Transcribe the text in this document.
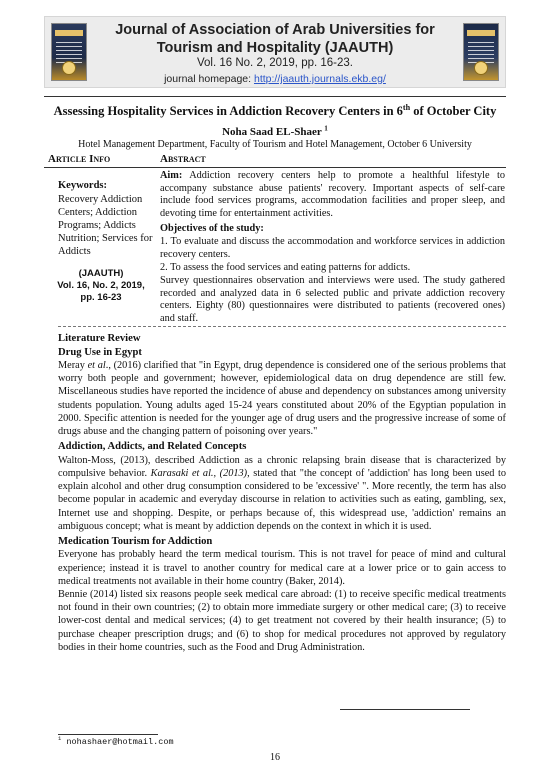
Journal of Association of Arab Universities for Tourism and Hospitality (JAAUTH)
Vol. 16 No. 2, 2019, pp. 16-23.
journal homepage: http://jaauth.journals.ekb.eg/
Assessing Hospitality Services in Addiction Recovery Centers in 6th of October City
Noha Saad EL-Shaer $^1$
Hotel Management Department, Faculty of Tourism and Hotel Management, October 6 University
Article Info	Abstract
Keywords:
Recovery Addiction Centers; Addiction Programs; Addicts Nutrition; Services for Addicts
(JAAUTH)
Vol. 16, No. 2, 2019,
pp. 16-23
Aim: Addiction recovery centers help to promote a healthful lifestyle to accompany substance abuse patients' recovery. Important aspects of self-care include food services programs, accommodation facilities and proper sleep, and devoting time for entertainment activities.
Objectives of the study:
1. To evaluate and discuss the accommodation and workforce services in addiction recovery centers.
2. To assess the food services and eating patterns for addicts.
Survey questionnaires observation and interviews were used. The study gathered recorded and analyzed data in 6 selected public and private addiction recovery centers. Eighty (80) questionnaires were distributed to patients (recovered ones) and staff.
Literature Review
Drug Use in Egypt

Meray et al., (2016) clarified that "in Egypt, drug dependence is considered one of the serious problems that worry both people and government; however, epidemiological data on drug dependence are still few. Miscellaneous studies have reported the incidence of abuse and dependency on substances among university students population. Young adults aged 15-24 years constituted about 20% of the Egyptian population in 2000. Specific attention is needed for the younger age of drug users and the progressive increase of some of drugs abuse and the changing pattern of poisoning over years."

Addiction, Addicts, and Related Concepts

Walton-Moss, (2013), described Addiction as a chronic relapsing brain disease that is characterized by compulsive behavior. Karasaki et al., (2013), stated that "the concept of 'addiction' has long been used to explain alcohol and other drug consumption considered to be 'excessive' ". More recently, the term has also become popular in academic and everyday discourse in relation to activities such as eating, gambling, sex, Internet use and shopping. Despite, or perhaps because of, this widespread use, 'addiction' remains an ambiguous concept; what is meant by addiction depends on the context in which it is used.

Medication Tourism for Addiction

Everyone has probably heard the term medical tourism. This is not travel for peace of mind and cultural experience; instead it is travel to another country for medical care at a lower price or to gain access to medical treatments not available in their home country (Baker, 2014).

Bennie (2014) listed six reasons people seek medical care abroad: (1) to receive specific medical treatments not found in their own countries; (2) to obtain more immediate surgery or other medical care; (3) to receive lower-cost dental and medical services; (4) to get treatment not covered by their health insurance; (5) to purchase cheaper prescription drugs; and (6) to shop for medical procedures not approved by regulatory bodies in their home countries, such as the Food and Drug Administration.

$^1$ nohashaer@hotmail.com
16
